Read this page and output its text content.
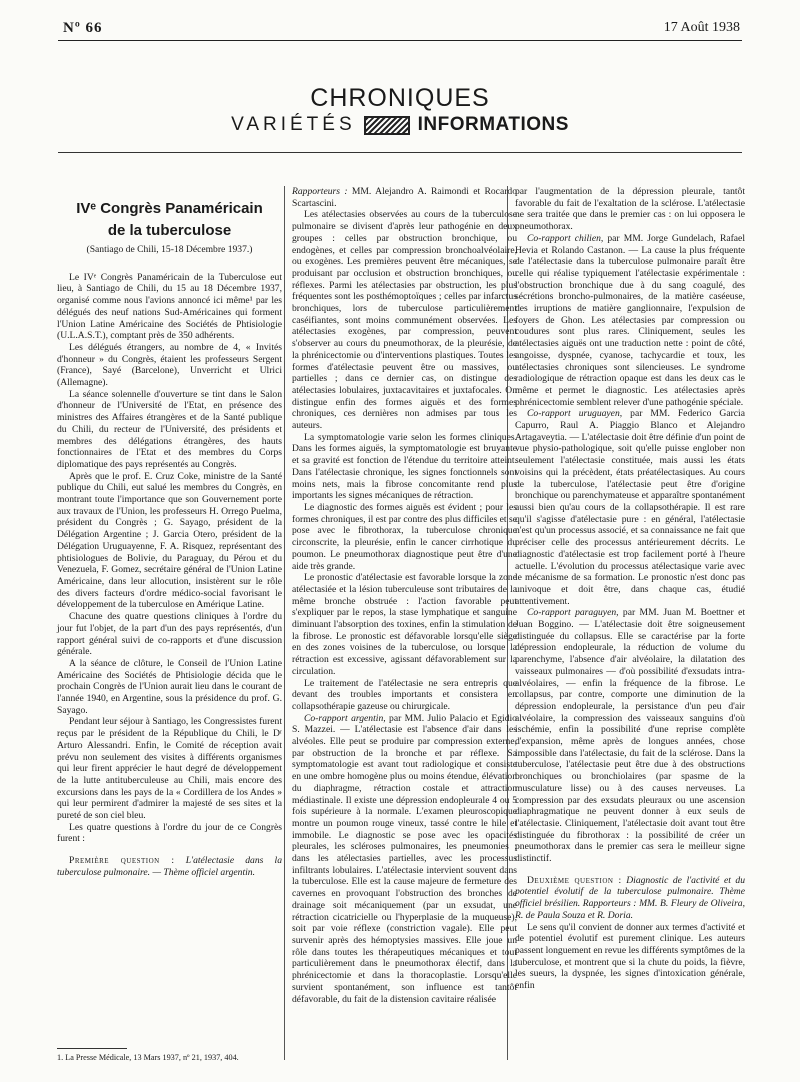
Nº 66	17 Août 1938
CHRONIQUES
VARIÉTÉS	INFORMATIONS
IVᵉ Congrès Panaméricain
de la tuberculose
(Santiago de Chili, 15-18 Décembre 1937.)

Le IVᵉ Congrès Panaméricain de la Tuberculose eut lieu, à Santiago de Chili, du 15 au 18 Décembre 1937, organisé comme nous l'avions annoncé ici même¹ par les délégués des neuf nations Sud-Américaines qui forment l'Union Latine Américaine des Sociétés de Phtisiologie (U.L.A.S.T.), comptant près de 350 adhérents.

Les délégués étrangers, au nombre de 4, « Invités d'honneur » du Congrès, étaient les professeurs Sergent (France), Sayé (Barcelone), Unverricht et Ulrici (Allemagne).

La séance solennelle d'ouverture se tint dans le Salon d'honneur de l'Université de l'Etat, en présence des ministres des Affaires étrangères et de la Santé publique du Chili, du recteur de l'Université, des présidents et membres des délégations étrangères, des hauts fonctionnaires de l'Etat et des membres du Corps diplomatique des pays représentés au Congrès.

Après que le prof. E. Cruz Coke, ministre de la Santé publique du Chili, eut salué les membres du Congrès, en montrant toute l'importance que son Gouvernement porte aux travaux de l'Union, les professeurs H. Orrego Puelma, président du Congrès ; G. Sayago, président de la Délégation Argentine ; J. Garcia Otero, président de la Délégation Uruguayenne, F. A. Risquez, représentant des phtisiologues de Bolivie, du Paraguay, du Pérou et du Venezuela, F. Gomez, secrétaire général de l'Union Latine Américaine, dans leur allocution, insistèrent sur le rôle des divers facteurs d'ordre médico-social favorisant le développement de la tuberculose en Amérique Latine.

Chacune des quatre questions cliniques à l'ordre du jour fut l'objet, de la part d'un des pays représentés, d'un rapport général suivi de co-rapports et d'une discussion générale.

A la séance de clôture, le Conseil de l'Union Latine Américaine des Sociétés de Phtisiologie décida que le prochain Congrès de l'Union aurait lieu dans le courant de l'année 1940, en Argentine, sous la présidence du prof. G. Sayago.

Pendant leur séjour à Santiago, les Congressistes furent reçus par le président de la République du Chili, le Dʳ Arturo Alessandri. Enfin, le Comité de réception avait prévu non seulement des visites à différents organismes qui leur firent apprécier le haut degré de développement de la lutte antituberculeuse au Chili, mais encore des excursions dans les pays de la « Cordillera de los Andes » qui leur permirent d'admirer la majesté de ses sites et la pureté de son ciel bleu.

Les quatre questions à l'ordre du jour de ce Congrès furent :

Première question : L'atélectasie dans la tuberculose pulmonaire. — Thème officiel argentin.

1. La Presse Médicale, 13 Mars 1937, nº 21, 1937, 404.

Rapporteurs : MM. Alejandro A. Raimondi et Rocardo Scartascini.

Les atélectasies observées au cours de la tuberculose pulmonaire se divisent d'après leur pathogénie en deux groupes : celles par obstruction bronchique, ou endogènes, et celles par compression bronchoalvéolaire, ou exogènes. Les premières peuvent être mécaniques, se produisant par occlusion et obstruction bronchiques, ou réflexes. Parmi les atélectasies par obstruction, les plus fréquentes sont les posthémoptoïques ; celles par infarctus bronchiques, lors de tuberculose particulièrement caséifiantes, sont moins communément observées. Les atélectasies exogènes, par compression, peuvent s'observer au cours du pneumothorax, de la pleurésie, de la phrénicectomie ou d'interventions plastiques. Toutes les formes d'atélectasie peuvent être ou massives, ou partielles ; dans ce dernier cas, on distingue des atélectasies lobulaires, juxtacavitaires et juxtafocales. On distingue enfin des formes aiguës et des formes chroniques, ces dernières non admises par tous les auteurs.

La symptomatologie varie selon les formes cliniques. Dans les formes aiguës, la symptomatologie est bruyante et sa gravité est fonction de l'étendue du territoire atteint. Dans l'atélectasie chronique, les signes fonctionnels sont moins nets, mais la fibrose concomitante rend plus importants les signes mécaniques de rétraction.

Le diagnostic des formes aiguës est évident ; pour les formes chroniques, il est par contre des plus difficiles et se pose avec le fibrothorax, la tuberculose chronique circonscrite, la pleurésie, enfin le cancer cirrhotique du poumon. Le pneumothorax diagnostique peut être d'une aide très grande.

Le pronostic d'atélectasie est favorable lorsque la zone atélectasiée et la lésion tuberculeuse sont tributaires de la même bronche obstruée : l'action favorable peut s'expliquer par le repos, la stase lymphatique et sanguine diminuant l'absorption des toxines, enfin la stimulation de la fibrose. Le pronostic est défavorable lorsqu'elle siège en des zones voisines de la tuberculose, ou lorsque la rétraction est excessive, agissant défavorablement sur la circulation.

Le traitement de l'atélectasie ne sera entrepris que devant des troubles importants et consistera en collapsothérapie gazeuse ou chirurgicale.

Co-rapport argentin, par MM. Julio Palacio et Egidio S. Mazzei. — L'atélectasie est l'absence d'air dans les alvéoles. Elle peut se produire par compression externe, par obstruction de la bronche et par réflexe. Sa symptomatologie est avant tout radiologique et consiste en une ombre homogène plus ou moins étendue, élévation du diaphragme, rétraction costale et attraction médiastinale. Il existe une dépression endopleurale 4 ou 5 fois supérieure à la normale. L'examen pleuroscopique montre un poumon rouge vineux, tassé contre le hile et immobile. Le diagnostic se pose avec les opacités pleurales, les scléroses pulmonaires, les pneumonies ; dans les atélectasies partielles, avec les processus infiltrants lobulaires. L'atélectasie intervient souvent dans la tuberculose. Elle est la cause majeure de fermeture des cavernes en provoquant l'obstruction des bronches de drainage soit mécaniquement (par un exsudat, une rétraction cicatricielle ou l'hyperplasie de la muqueuse), soit par voie réflexe (constriction vagale). Elle peut survenir après des hémoptysies massives. Elle joue un rôle dans toutes les thérapeutiques mécaniques et tout particulièrement dans le pneumothorax électif, dans la phrénicectomie et dans la thoracoplastie. Lorsqu'elle survient spontanément, son influence est tantôt défavorable, du fait de la distension cavitaire réalisée

par l'augmentation de la dépression pleurale, tantôt favorable du fait de l'exaltation de la sclérose. L'atélectasie ne sera traitée que dans le premier cas : on lui opposera le pneumothorax.

Co-rapport chilien, par MM. Jorge Gundelach, Rafael Hevia et Rolando Castanon. — La cause la plus fréquente de l'atélectasie dans la tuberculose pulmonaire paraît être celle qui réalise typiquement l'atélectasie expérimentale : l'obstruction bronchique due à du sang coagulé, des sécrétions broncho-pulmonaires, de la matière caséeuse, des irruptions de matière ganglionnaire, l'expulsion de foyers de Ghon. Les atélectasies par compression ou coudures sont plus rares. Cliniquement, seules les atélectasies aiguës ont une traduction nette : point de côté, angoisse, dyspnée, cyanose, tachycardie et toux, les atélectasies chroniques sont silencieuses. Le syndrome radiologique de rétraction opaque est dans les deux cas le même et permet le diagnostic. Les atélectasies après phrénicectomie semblent relever d'une pathogénie spéciale.

Co-rapport uruguayen, par MM. Federico Garcia Capurro, Raul A. Piaggio Blanco et Alejandro Artagaveytia. — L'atélectasie doit être définie d'un point de vue physio-pathologique, soit qu'elle puisse englober non seulement l'atélectasie constituée, mais aussi les états voisins qui la précèdent, états préatélectasiques. Au cours de la tuberculose, l'atélectasie peut être d'origine bronchique ou parenchymateuse et apparaître spontanément aussi bien qu'au cours de la collapsothérapie. Il est rare qu'il s'agisse d'atélectasie pure : en général, l'atélectasie n'est qu'un processus associé, et sa connaissance ne fait que préciser celle des processus antérieurement décrits. Le diagnostic d'atélectasie est trop facilement porté à l'heure actuelle. L'évolution du processus atélectasique varie avec le mécanisme de sa formation. Le pronostic n'est donc pas univoque et doit être, dans chaque cas, étudié attentivement.

Co-rapport paraguyen, par MM. Juan M. Boettner et Juan Boggino. — L'atélectasie doit être soigneusement distinguée du collapsus. Elle se caractérise par la forte dépression endopleurale, la réduction de volume du parenchyme, l'absence d'air alvéolaire, la dilatation des vaisseaux pulmonaires — d'où possibilité d'exsudats intra-alvéolaires, — enfin la fréquence de la fibrose. Le collapsus, par contre, comporte une diminution de la dépression endopleurale, la persistance d'un peu d'air alvéolaire, la compression des vaisseaux sanguins d'où ischémie, enfin la possibilité d'une reprise complète d'expansion, même après de longues années, chose impossible dans l'atélectasie, du fait de la sclérose. Dans la tuberculose, l'atélectasie peut être due à des obstructions bronchiques ou bronchiolaires (par spasme de la musculature lisse) ou à des causes nerveuses. La compression par des exsudats pleuraux ou une ascension diaphragmatique ne peuvent donner à eux seuls de l'atélectasie. Cliniquement, l'atélectasie doit avant tout être distinguée du fibrothorax : la possibilité de créer un pneumothorax dans le premier cas sera le meilleur signe distinctif.

Deuxième question : Diagnostic de l'activité et du potentiel évolutif de la tuberculose pulmonaire. Thème officiel brésilien. Rapporteurs : MM. B. Fleury de Oliveira, R. de Paula Souza et R. Doria.

Le sens qu'il convient de donner aux termes d'activité et de potentiel évolutif est purement clinique. Les auteurs passent longuement en revue les différents symptômes de la tuberculose, et montrent que si la chute du poids, la fièvre, les sueurs, la dyspnée, les signes d'intoxication générale, enfin
